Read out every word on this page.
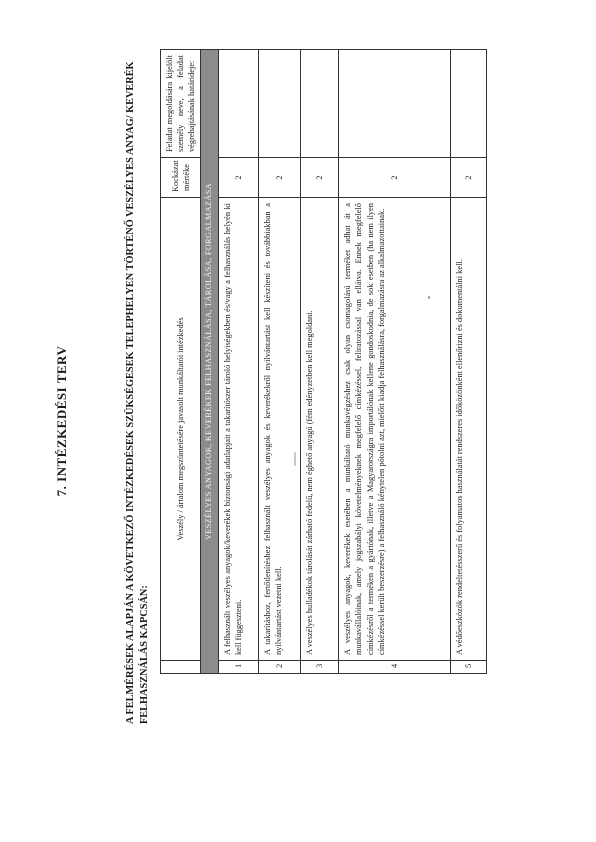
7. INTÉZKEDÉSI TERV	A FELMÉRÉSEK ALAPJÁN A KÖVETKEZŐ INTÉZKEDÉSEK SZÜKSÉGESEK TELEPHELYEN TÖRTÉNŐ VESZÉLYES ANYAG/ KEVERÉK FELHASZNÁLÁS KAPCSÁN:
	Veszély / ártalom megszüntetésére javasolt munkáltatói intézkedés	Kockázat mértéke	Feladat megoldására kijelölt személy neve, a feladat végrehajtásának határideje:
VESZÉLYES ANYAGOK, KEVERÉKEK FELHASZNÁLÁSA, TÁROLÁSA, FORGALMAZÁSA			
1	A felhasznált veszélyes anyagok/keverékek biztonsági adatlapjait a takarítószer tároló helyiségekben és/vagy a felhasználás helyén ki kell függeszteni.	2	
2	A takarításhoz, fertőtlenítéshez felhasznált veszélyes anyagok és keverékekről nyilvántartást kell készíteni és továbbiakban a nyilvántartást vezetni kell.	2	
3	A veszélyes hulladékok tárolását zárható fedelű, nem éghető anyagú (fém edényzetben kell megoldani.	2	
4	A veszélyes anyagok, keverékek esetében a munkáltató munkavégzéshez csak olyan csomagolású terméket adhat át a munkavállalóinak, amely jogszabályi követelményeknek megfelelő címkézéssel, feliratozással van ellátva. Ennek megfelelő címkézésről a terméken a gyártónak, illetve a Magyarországra importálónak kellene gondoskodnia, de sok esetben (ha nem ilyen címkézéssel került beszerzésre) a felhasználó kénytelen pótolni azt, mielőtt kiadja felhasználásra, forgalmazásra az alkalmazottainak.	2	
5	A védőeszközök rendeltetésszerű és folyamatos használatát rendszeres időközönként ellenőrizni és dokumentálni kell.	2	
